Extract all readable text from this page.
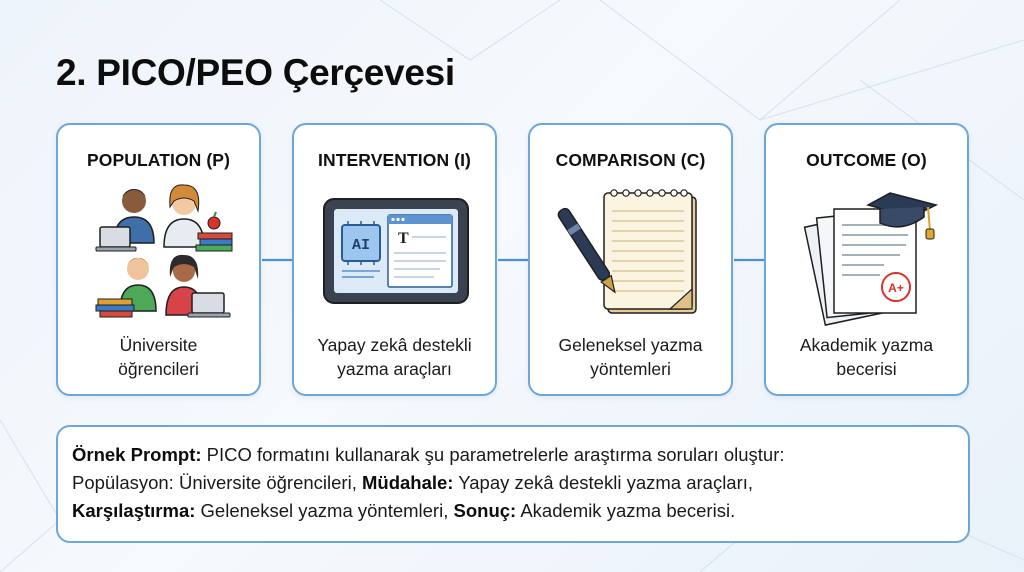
2. PICO/PEO Çerçevesi
POPULATION (P)
Üniversite
öğrencileri
INTERVENTION (I)
AI T
Yapay zekâ destekli
yazma araçları
COMPARISON (C)
Geleneksel yazma
yöntemleri
OUTCOME (O)
A+
Akademik yazma
becerisi
Örnek Prompt: PICO formatını kullanarak şu parametrelerle araştırma soruları oluştur:
Popülasyon: Üniversite öğrencileri, Müdahale: Yapay zekâ destekli yazma araçları,
Karşılaştırma: Geleneksel yazma yöntemleri, Sonuç: Akademik yazma becerisi.
